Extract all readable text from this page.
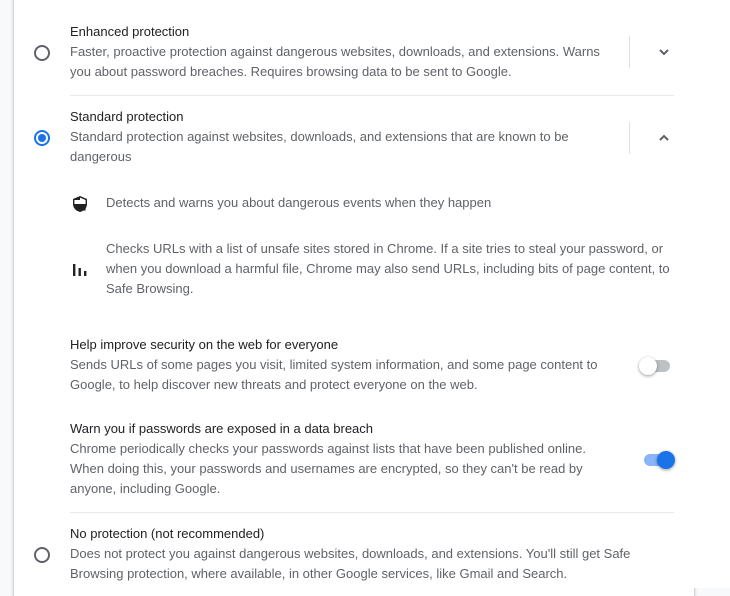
Enhanced protection
Faster, proactive protection against dangerous websites, downloads, and extensions. Warns you about password breaches. Requires browsing data to be sent to Google.
Standard protection
Standard protection against websites, downloads, and extensions that are known to be dangerous
Detects and warns you about dangerous events when they happen
Checks URLs with a list of unsafe sites stored in Chrome. If a site tries to steal your password, or when you download a harmful file, Chrome may also send URLs, including bits of page content, to Safe Browsing.
Help improve security on the web for everyone
Sends URLs of some pages you visit, limited system information, and some page content to Google, to help discover new threats and protect everyone on the web.
Warn you if passwords are exposed in a data breach
Chrome periodically checks your passwords against lists that have been published online. When doing this, your passwords and usernames are encrypted, so they can't be read by anyone, including Google.
No protection (not recommended)
Does not protect you against dangerous websites, downloads, and extensions. You'll still get Safe Browsing protection, where available, in other Google services, like Gmail and Search.
